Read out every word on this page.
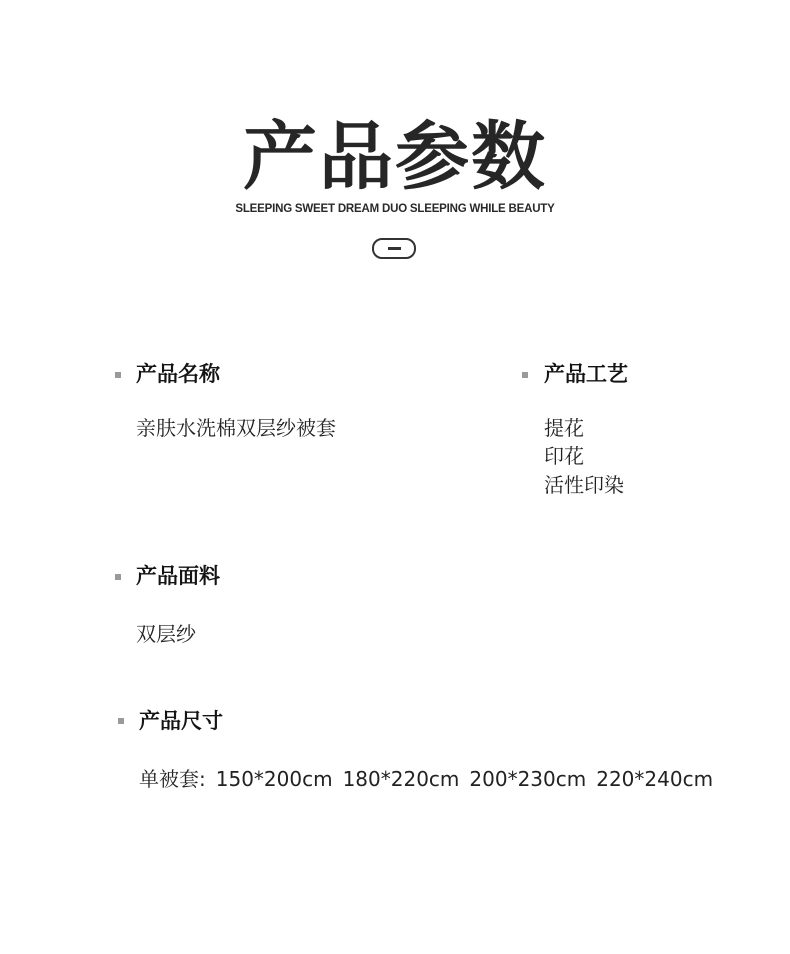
产品参数
SLEEPING SWEET DREAM DUO SLEEPING WHILE BEAUTY
产品名称
亲肤水洗棉双层纱被套
产品工艺
提花
印花
活性印染
产品面料
双层纱
产品尺寸
单被套: 150*200cm 180*220cm 200*230cm 220*240cm
